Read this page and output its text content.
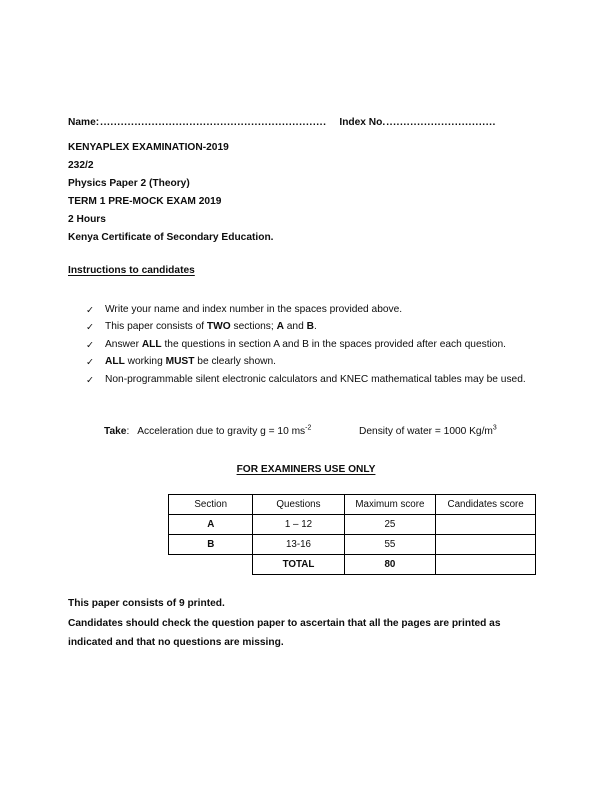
Name: ..................................................................	Index No. ................................
KENYAPLEX EXAMINATION-2019
232/2
Physics Paper 2 (Theory)
TERM 1 PRE-MOCK EXAM 2019
2 Hours
Kenya Certificate of Secondary Education.
Instructions to candidates
✓ Write your name and index number in the spaces provided above.
✓ This paper consists of TWO sections; A and B.
✓ Answer ALL the questions in section A and B in the spaces provided after each question.
✓ ALL working MUST be clearly shown.
✓ Non-programmable silent electronic calculators and KNEC mathematical tables may be used.
Take: Acceleration due to gravity g = 10 $ms^{-2}$	Density of water = 1000 $Kg/m^3$
FOR EXAMINERS USE ONLY
Section	Questions	Maximum score	Candidates score
A	1 – 12	25	
B	13-16	55	
	TOTAL	80	
This paper consists of 9 printed.
Candidates should check the question paper to ascertain that all the pages are printed as indicated and that no questions are missing.
